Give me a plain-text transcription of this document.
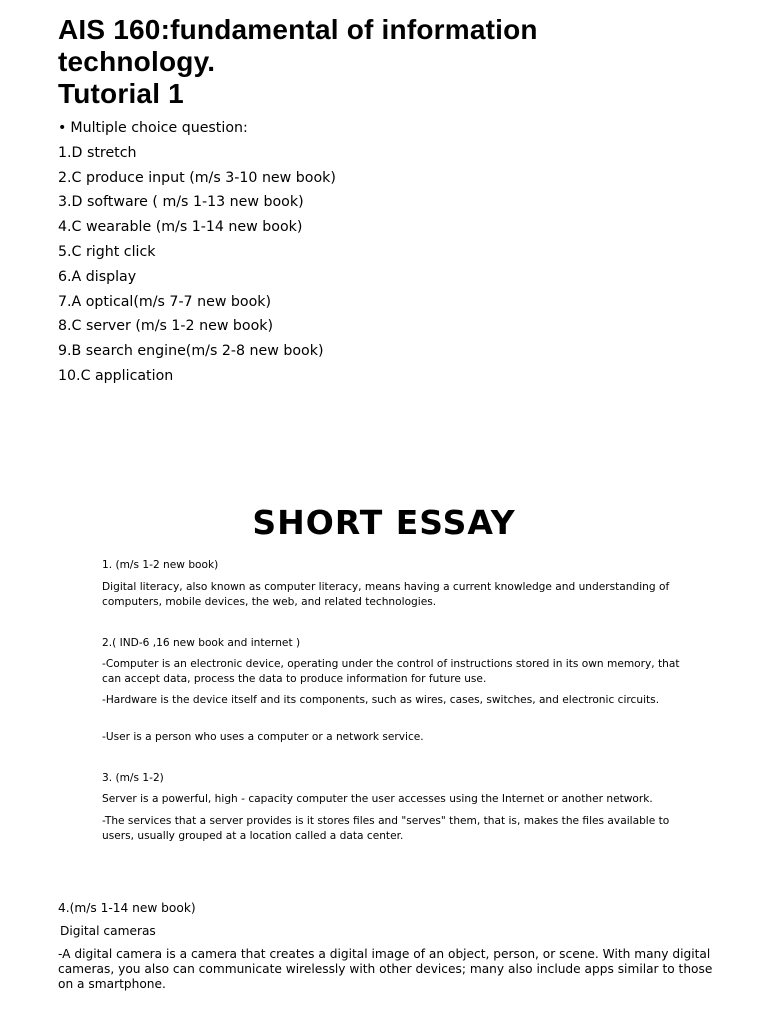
AIS 160:fundamental of information
technology.
Tutorial 1
• Multiple choice question:
1.D stretch
2.C produce input (m/s 3-10 new book)
3.D software ( m/s 1-13 new book)
4.C wearable (m/s 1-14 new book)
5.C right click
6.A display
7.A optical(m/s 7-7 new book)
8.C server (m/s 1-2 new book)
9.B search engine(m/s 2-8 new book)
10.C application
SHORT ESSAY
1. (m/s 1-2 new book)
Digital literacy, also known as computer literacy, means having a current knowledge and understanding of computers, mobile devices, the web, and related technologies.
2.( IND-6 ,16 new book and internet )
-Computer is an electronic device, operating under the control of instructions stored in its own memory, that can accept data, process the data to produce information for future use.
-Hardware is the device itself and its components, such as wires, cases, switches, and electronic circuits.
-User is a person who uses a computer or a network service.
3. (m/s 1-2)
Server is a powerful, high - capacity computer the user accesses using the Internet or another network.
-The services that a server provides is it stores files and "serves" them, that is, makes the files available to users, usually grouped at a location called a data center.
4.(m/s 1-14 new book)
Digital cameras
-A digital camera is a camera that creates a digital image of an object, person, or scene. With many digital cameras, you also can communicate wirelessly with other devices; many also include apps similar to those on a smartphone.
